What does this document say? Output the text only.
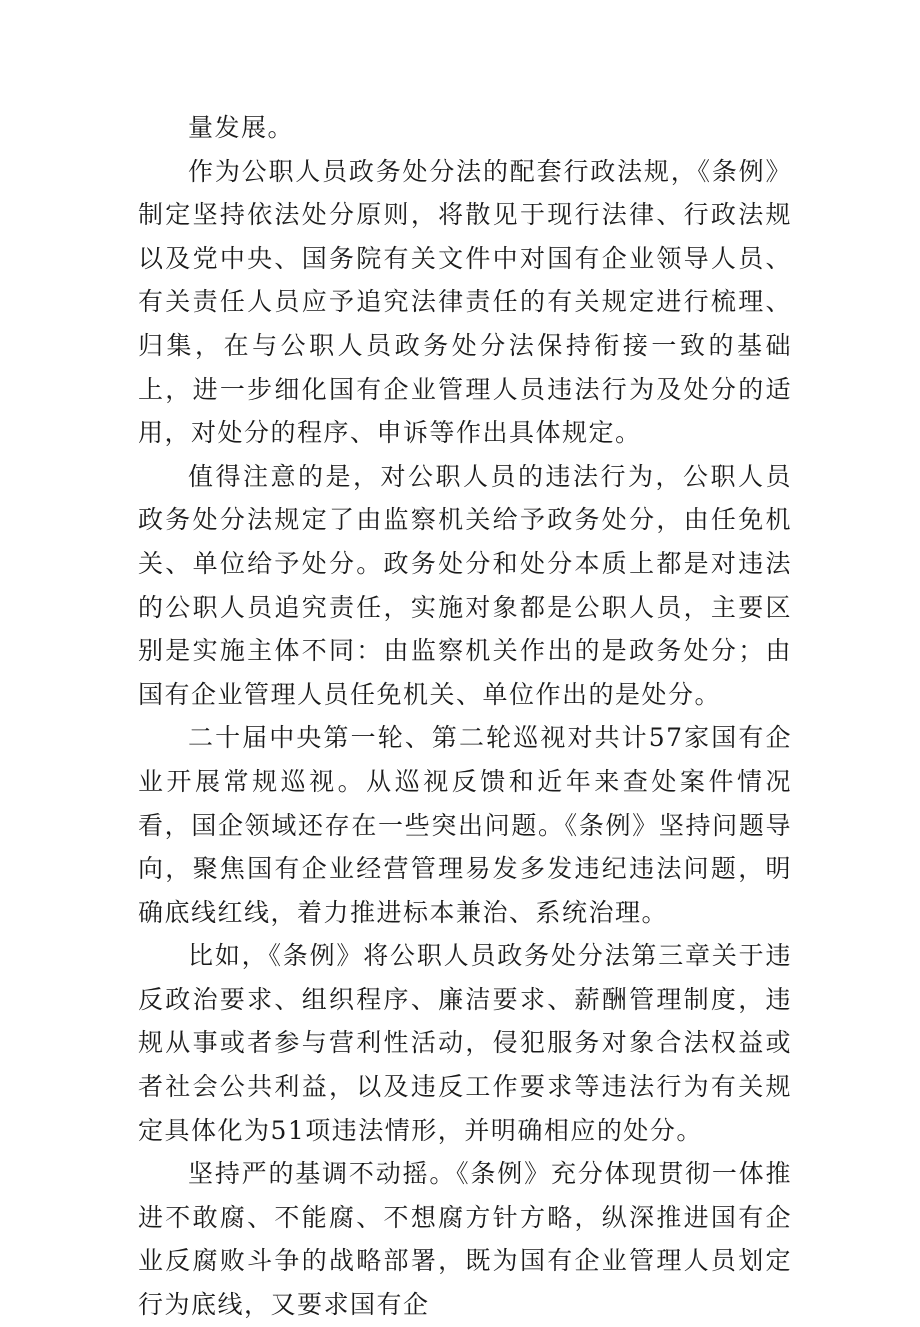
量发展。

作为公职人员政务处分法的配套行政法规，《条例》制定坚持依法处分原则，将散见于现行法律、行政法规以及党中央、国务院有关文件中对国有企业领导人员、有关责任人员应予追究法律责任的有关规定进行梳理、归集，在与公职人员政务处分法保持衔接一致的基础上，进一步细化国有企业管理人员违法行为及处分的适用，对处分的程序、申诉等作出具体规定。

值得注意的是，对公职人员的违法行为，公职人员政务处分法规定了由监察机关给予政务处分，由任免机关、单位给予处分。政务处分和处分本质上都是对违法的公职人员追究责任，实施对象都是公职人员，主要区别是实施主体不同：由监察机关作出的是政务处分；由国有企业管理人员任免机关、单位作出的是处分。

二十届中央第一轮、第二轮巡视对共计57家国有企业开展常规巡视。从巡视反馈和近年来查处案件情况看，国企领域还存在一些突出问题。《条例》坚持问题导向，聚焦国有企业经营管理易发多发违纪违法问题，明确底线红线，着力推进标本兼治、系统治理。

比如，《条例》将公职人员政务处分法第三章关于违反政治要求、组织程序、廉洁要求、薪酬管理制度，违规从事或者参与营利性活动，侵犯服务对象合法权益或者社会公共利益，以及违反工作要求等违法行为有关规定具体化为51项违法情形，并明确相应的处分。

坚持严的基调不动摇。《条例》充分体现贯彻一体推进不敢腐、不能腐、不想腐方针方略，纵深推进国有企业反腐败斗争的战略部署，既为国有企业管理人员划定行为底线，又要求国有企
